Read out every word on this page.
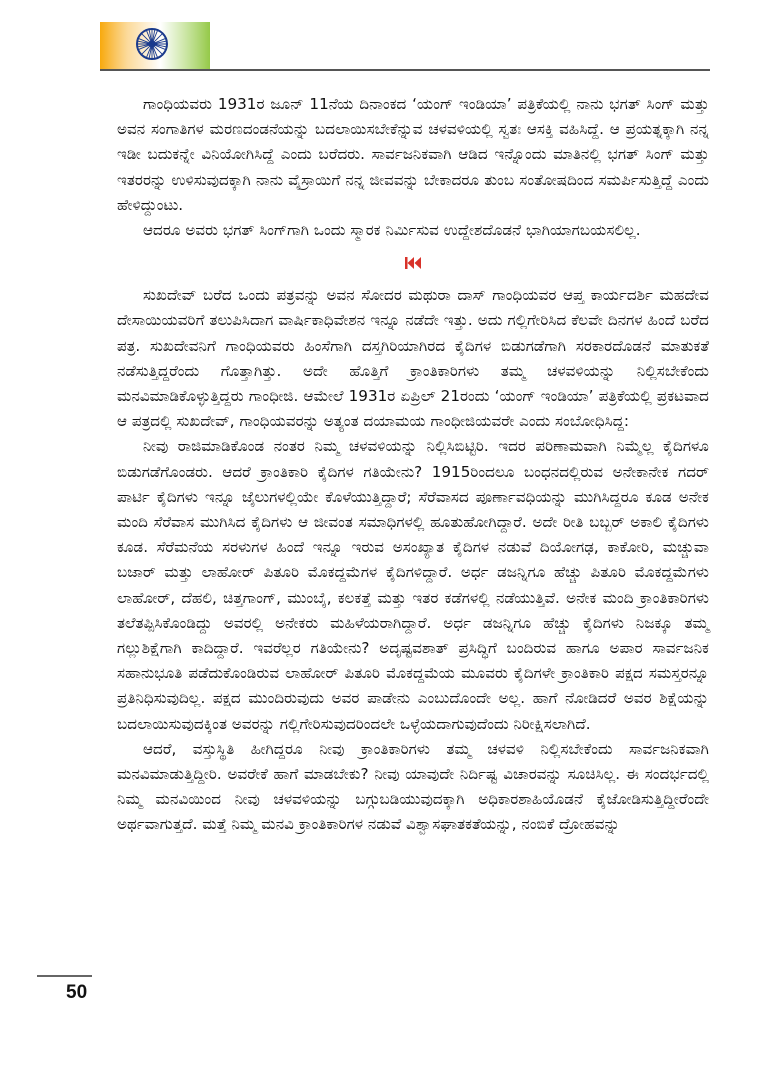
ಗಾಂಧಿಯವರು 1931ರ ಜೂನ್ 11ನೆಯ ದಿನಾಂಕದ ‘ಯಂಗ್ ಇಂಡಿಯಾ’ ಪತ್ರಿಕೆಯಲ್ಲಿ ನಾನು ಭಗತ್ ಸಿಂಗ್ ಮತ್ತು ಅವನ ಸಂಗಾತಿಗಳ ಮರಣದಂಡನೆಯನ್ನು ಬದಲಾಯಿಸಬೇಕೆನ್ನುವ ಚಳವಳಿಯಲ್ಲಿ ಸ್ವತಃ ಆಸಕ್ತಿ ವಹಿಸಿದ್ದೆ. ಆ ಪ್ರಯತ್ನಕ್ಕಾಗಿ ನನ್ನ ಇಡೀ ಬದುಕನ್ನೇ ವಿನಿಯೋಗಿಸಿದ್ದೆ ಎಂದು ಬರೆದರು. ಸಾರ್ವಜನಿಕವಾಗಿ ಆಡಿದ ಇನ್ನೊಂದು ಮಾತಿನಲ್ಲಿ ಭಗತ್ ಸಿಂಗ್ ಮತ್ತು ಇತರರನ್ನು ಉಳಿಸುವುದಕ್ಕಾಗಿ ನಾನು ವೈಸ್ರಾಯಿಗೆ ನನ್ನ ಜೀವವನ್ನು ಬೇಕಾದರೂ ತುಂಬ ಸಂತೋಷದಿಂದ ಸಮರ್ಪಿಸುತ್ತಿದ್ದೆ ಎಂದು ಹೇಳಿದ್ದುಂಟು.

ಆದರೂ ಅವರು ಭಗತ್ ಸಿಂಗ್‌ಗಾಗಿ ಒಂದು ಸ್ಮಾರಕ ನಿರ್ಮಿಸುವ ಉದ್ದೇಶದೊಡನೆ ಭಾಗಿಯಾಗಬಯಸಲಿಲ್ಲ.

ಸುಖದೇವ್ ಬರೆದ ಒಂದು ಪತ್ರವನ್ನು ಅವನ ಸೋದರ ಮಥುರಾ ದಾಸ್ ಗಾಂಧಿಯವರ ಆಪ್ತ ಕಾರ್ಯದರ್ಶಿ ಮಹದೇವ ದೇಸಾಯಿಯವರಿಗೆ ತಲುಪಿಸಿದಾಗ ವಾರ್ಷಿಕಾಧಿವೇಶನ ಇನ್ನೂ ನಡೆದೇ ಇತ್ತು. ಅದು ಗಲ್ಲಿಗೇರಿಸಿದ ಕೆಲವೇ ದಿನಗಳ ಹಿಂದೆ ಬರೆದ ಪತ್ರ. ಸುಖದೇವನಿಗೆ ಗಾಂಧಿಯವರು ಹಿಂಸೆಗಾಗಿ ದಸ್ತಗಿರಿಯಾಗಿರದ ಕೈದಿಗಳ ಬಿಡುಗಡೆಗಾಗಿ ಸರಕಾರದೊಡನೆ ಮಾತುಕತೆ ನಡೆಸುತ್ತಿದ್ದರೆಂದು ಗೊತ್ತಾಗಿತ್ತು. ಅದೇ ಹೊತ್ತಿಗೆ ಕ್ರಾಂತಿಕಾರಿಗಳು ತಮ್ಮ ಚಳವಳಿಯನ್ನು ನಿಲ್ಲಿಸಬೇಕೆಂದು ಮನವಿಮಾಡಿಕೊಳ್ಳುತ್ತಿದ್ದರು ಗಾಂಧೀಜಿ. ಆಮೇಲೆ 1931ರ ಏಪ್ರಿಲ್ 21ರಂದು ‘ಯಂಗ್ ಇಂಡಿಯಾ’ ಪತ್ರಿಕೆಯಲ್ಲಿ ಪ್ರಕಟವಾದ ಆ ಪತ್ರದಲ್ಲಿ ಸುಖದೇವ್, ಗಾಂಧಿಯವರನ್ನು ಅತ್ಯಂತ ದಯಾಮಯ ಗಾಂಧೀಜಿಯವರೇ ಎಂದು ಸಂಬೋಧಿಸಿದ್ದ:

ನೀವು ರಾಜಿಮಾಡಿಕೊಂಡ ನಂತರ ನಿಮ್ಮ ಚಳವಳಿಯನ್ನು ನಿಲ್ಲಿಸಿಬಿಟ್ಟಿರಿ. ಇದರ ಪರಿಣಾಮವಾಗಿ ನಿಮ್ಮೆಲ್ಲ ಕೈದಿಗಳೂ ಬಿಡುಗಡೆಗೊಂಡರು. ಆದರೆ ಕ್ರಾಂತಿಕಾರಿ ಕೈದಿಗಳ ಗತಿಯೇನು? 1915ರಿಂದಲೂ ಬಂಧನದಲ್ಲಿರುವ ಅನೇಕಾನೇಕ ಗದರ್ ಪಾರ್ಟಿ ಕೈದಿಗಳು ಇನ್ನೂ ಜೈಲುಗಳಲ್ಲಿಯೇ ಕೊಳೆಯುತ್ತಿದ್ದಾರೆ; ಸೆರೆವಾಸದ ಪೂರ್ಣಾವಧಿಯನ್ನು ಮುಗಿಸಿದ್ದರೂ ಕೂಡ ಅನೇಕ ಮಂದಿ ಸೆರೆವಾಸ ಮುಗಿಸಿದ ಕೈದಿಗಳು ಆ ಜೀವಂತ ಸಮಾಧಿಗಳಲ್ಲಿ ಹೂತುಹೋಗಿದ್ದಾರೆ. ಅದೇ ರೀತಿ ಬಬ್ಬರ್ ಅಕಾಲಿ ಕೈದಿಗಳು ಕೂಡ. ಸೆರೆಮನೆಯ ಸರಳುಗಳ ಹಿಂದೆ ಇನ್ನೂ ಇರುವ ಅಸಂಖ್ಯಾತ ಕೈದಿಗಳ ನಡುವೆ ದಿಯೋಗಢ, ಕಾಕೋರಿ, ಮಚ್ಚುವಾ ಬಜಾರ್ ಮತ್ತು ಲಾಹೋರ್ ಪಿತೂರಿ ಮೊಕದ್ದಮೆಗಳ ಕೈದಿಗಳಿದ್ದಾರೆ. ಅರ್ಧ ಡಜನ್ನಿಗೂ ಹೆಚ್ಚು ಪಿತೂರಿ ಮೊಕದ್ದಮೆಗಳು ಲಾಹೋರ್, ದೆಹಲಿ, ಚಿತ್ತಗಾಂಗ್, ಮುಂಬೈ, ಕಲಕತ್ತೆ ಮತ್ತು ಇತರ ಕಡೆಗಳಲ್ಲಿ ನಡೆಯುತ್ತಿವೆ. ಅನೇಕ ಮಂದಿ ಕ್ರಾಂತಿಕಾರಿಗಳು ತಲೆತಪ್ಪಿಸಿಕೊಂಡಿದ್ದು ಅವರಲ್ಲಿ ಅನೇಕರು ಮಹಿಳೆಯರಾಗಿದ್ದಾರೆ. ಅರ್ಧ ಡಜನ್ನಿಗೂ ಹೆಚ್ಚು ಕೈದಿಗಳು ನಿಜಕ್ಕೂ ತಮ್ಮ ಗಲ್ಲುಶಿಕ್ಷೆಗಾಗಿ ಕಾದಿದ್ದಾರೆ. ಇವರೆಲ್ಲರ ಗತಿಯೇನು? ಅದೃಷ್ಟವಶಾತ್ ಪ್ರಸಿದ್ಧಿಗೆ ಬಂದಿರುವ ಹಾಗೂ ಅಪಾರ ಸಾರ್ವಜನಿಕ ಸಹಾನುಭೂತಿ ಪಡೆದುಕೊಂಡಿರುವ ಲಾಹೋರ್ ಪಿತೂರಿ ಮೊಕದ್ದಮೆಯ ಮೂವರು ಕೈದಿಗಳೇ ಕ್ರಾಂತಿಕಾರಿ ಪಕ್ಷದ ಸಮಸ್ತರನ್ನೂ ಪ್ರತಿನಿಧಿಸುವುದಿಲ್ಲ. ಪಕ್ಷದ ಮುಂದಿರುವುದು ಅವರ ಪಾಡೇನು ಎಂಬುದೊಂದೇ ಅಲ್ಲ. ಹಾಗೆ ನೋಡಿದರೆ ಅವರ ಶಿಕ್ಷೆಯನ್ನು ಬದಲಾಯಿಸುವುದಕ್ಕಿಂತ ಅವರನ್ನು ಗಲ್ಲಿಗೇರಿಸುವುದರಿಂದಲೇ ಒಳ್ಳೆಯದಾಗುವುದೆಂದು ನಿರೀಕ್ಷಿಸಲಾಗಿದೆ.

ಆದರೆ, ವಸ್ತುಸ್ಥಿತಿ ಹೀಗಿದ್ದರೂ ನೀವು ಕ್ರಾಂತಿಕಾರಿಗಳು ತಮ್ಮ ಚಳವಳಿ ನಿಲ್ಲಿಸಬೇಕೆಂದು ಸಾರ್ವಜನಿಕವಾಗಿ ಮನವಿಮಾಡುತ್ತಿದ್ದೀರಿ. ಅವರೇಕೆ ಹಾಗೆ ಮಾಡಬೇಕು? ನೀವು ಯಾವುದೇ ನಿರ್ದಿಷ್ಟ ವಿಚಾರವನ್ನು ಸೂಚಿಸಿಲ್ಲ. ಈ ಸಂದರ್ಭದಲ್ಲಿ ನಿಮ್ಮ ಮನವಿಯಿಂದ ನೀವು ಚಳವಳಿಯನ್ನು ಬಗ್ಗುಬಡಿಯುವುದಕ್ಕಾಗಿ ಅಧಿಕಾರಶಾಹಿಯೊಡನೆ ಕೈಜೋಡಿಸುತ್ತಿದ್ದೀರೆಂದೇ ಅರ್ಥವಾಗುತ್ತದೆ. ಮತ್ತೆ ನಿಮ್ಮ ಮನವಿ ಕ್ರಾಂತಿಕಾರಿಗಳ ನಡುವೆ ವಿಶ್ವಾಸಘಾತಕತೆಯನ್ನು, ನಂಬಿಕೆ ದ್ರೋಹವನ್ನು

50
